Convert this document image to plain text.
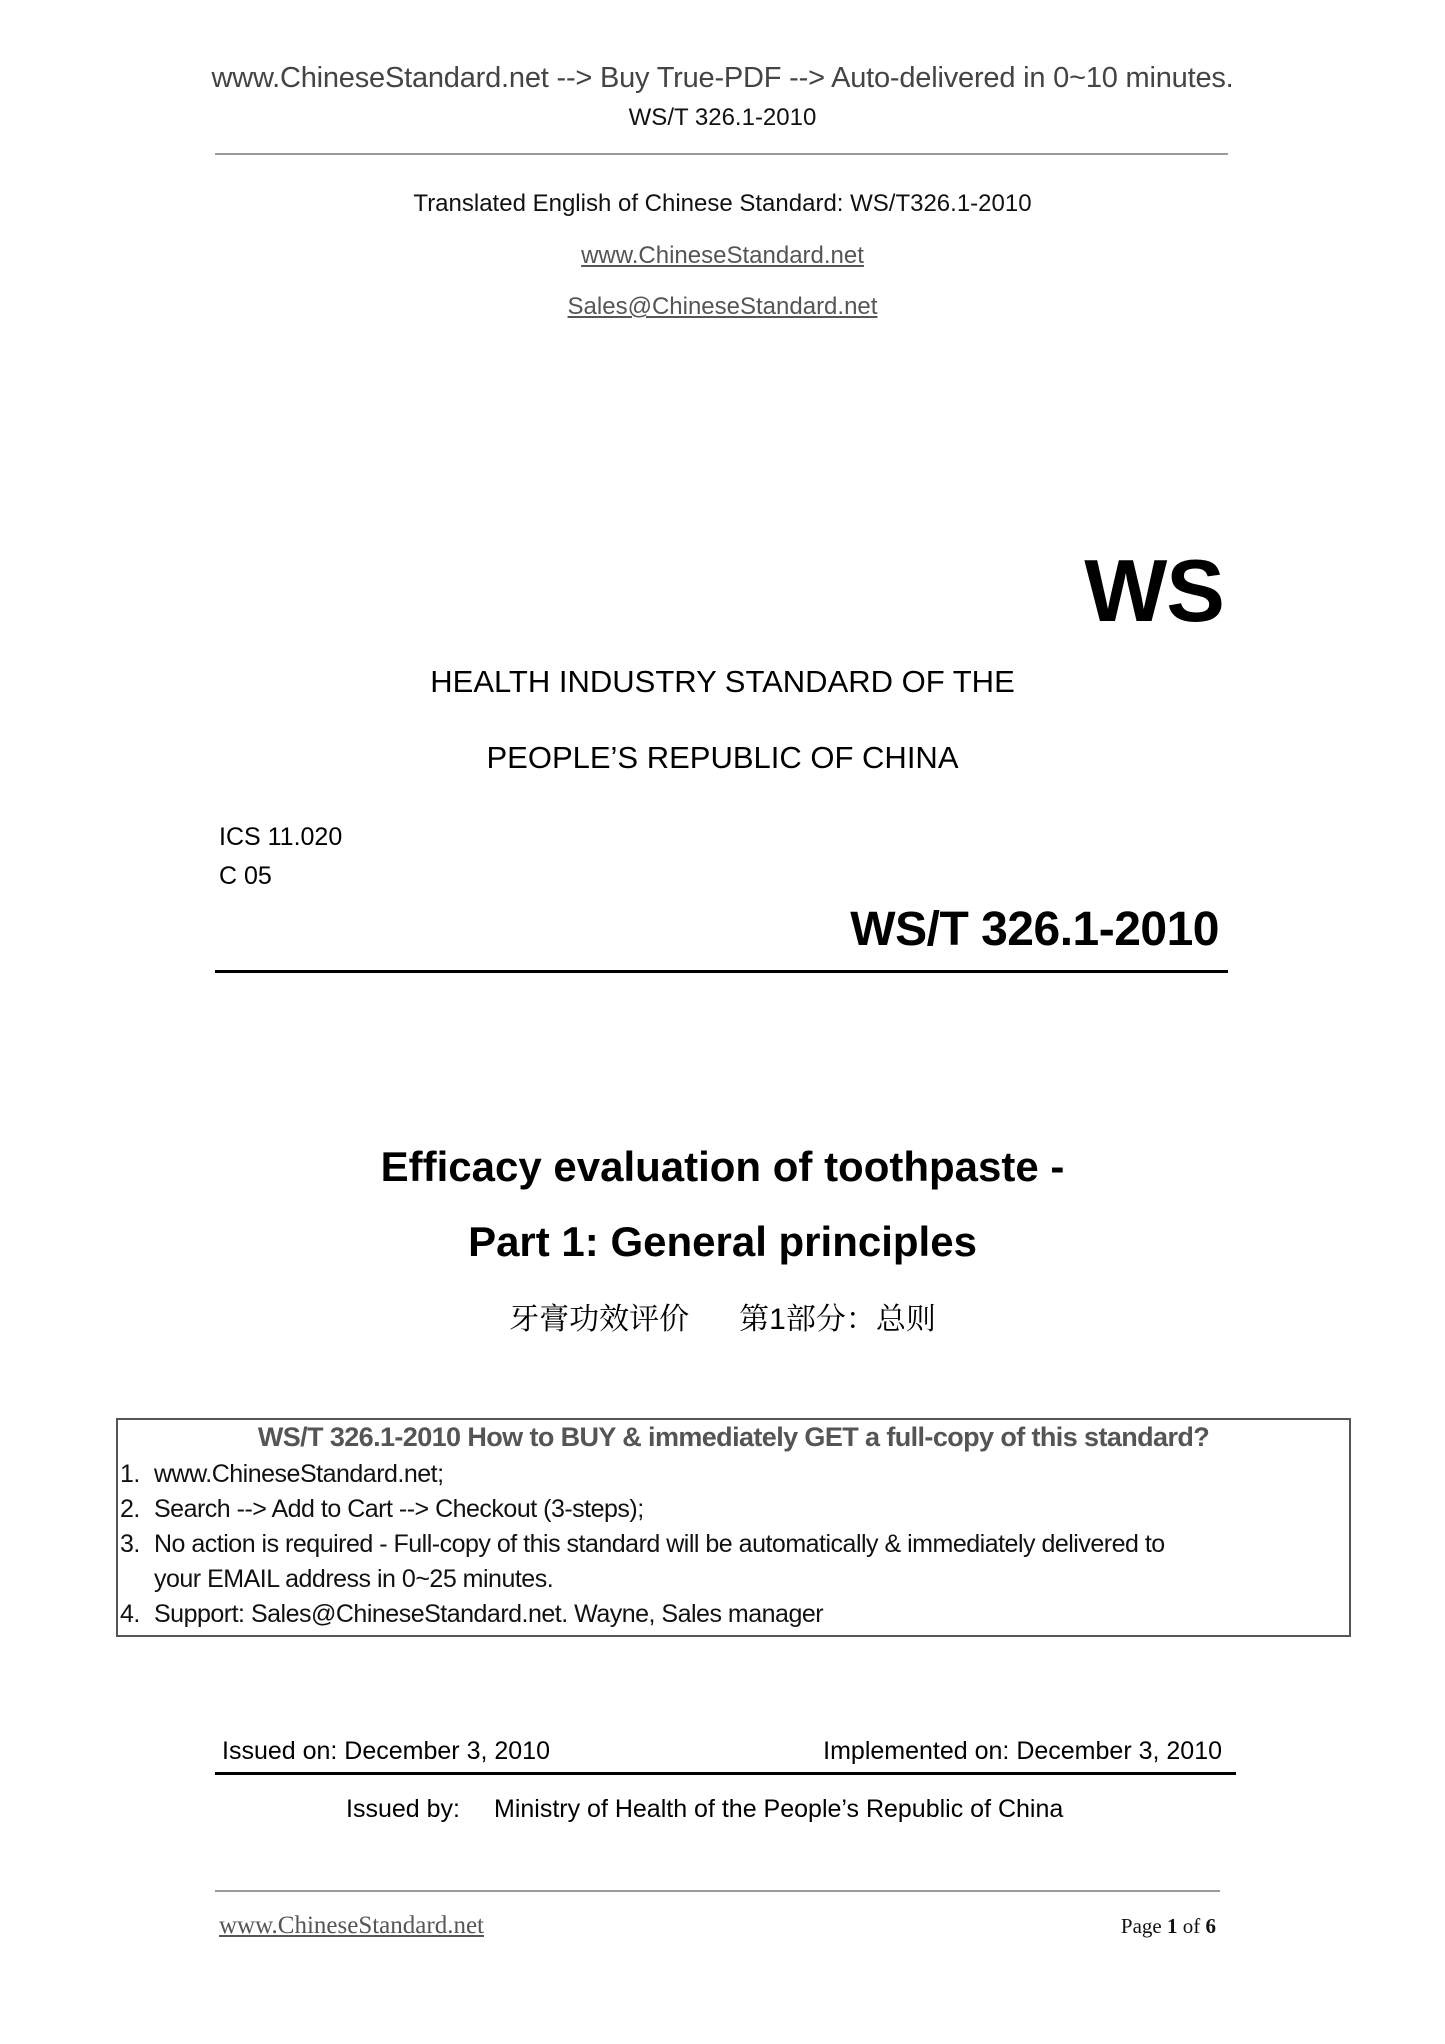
www.ChineseStandard.net --> Buy True-PDF --> Auto-delivered in 0~10 minutes.
WS/T 326.1-2010
Translated English of Chinese Standard: WS/T326.1-2010
www.ChineseStandard.net
Sales@ChineseStandard.net
WS
HEALTH INDUSTRY STANDARD OF THE
PEOPLE’S REPUBLIC OF CHINA
ICS 11.020
C 05
WS/T 326.1-2010
Efficacy evaluation of toothpaste -
Part 1: General principles
牙膏功效评价 第1部分：总则
WS/T 326.1-2010 How to BUY & immediately GET a full-copy of this standard?
1. www.ChineseStandard.net;
2. Search --> Add to Cart --> Checkout (3-steps);
3. No action is required - Full-copy of this standard will be automatically & immediately delivered to
your EMAIL address in 0~25 minutes.
4. Support: Sales@ChineseStandard.net. Wayne, Sales manager
Issued on: December 3, 2010	Implemented on: December 3, 2010
Issued by: Ministry of Health of the People’s Republic of China
www.ChineseStandard.net	Page 1 of 6
